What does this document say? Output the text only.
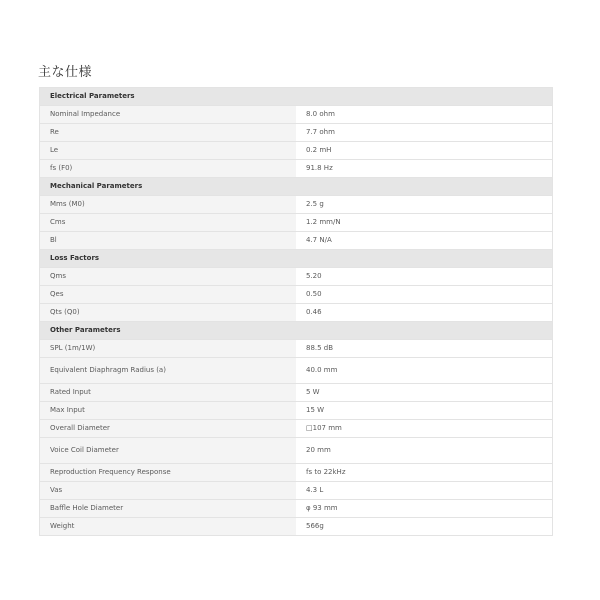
主な仕様
Electrical Parameters	
Nominal Impedance	8.0 ohm
Re	7.7 ohm
Le	0.2 mH
fs (F0)	91.8 Hz
Mechanical Parameters	
Mms (M0)	2.5 g
Cms	1.2 mm/N
Bl	4.7 N/A
Loss Factors	
Qms	5.20
Qes	0.50
Qts (Q0)	0.46
Other Parameters	
SPL (1m/1W)	88.5 dB
Equivalent Diaphragm Radius (a)	40.0 mm
Rated Input	5 W
Max Input	15 W
Overall Diameter	□107 mm
Voice Coil Diameter	20 mm
Reproduction Frequency Response	fs to 22kHz
Vas	4.3 L
Baffle Hole Diameter	φ 93 mm
Weight	566g
